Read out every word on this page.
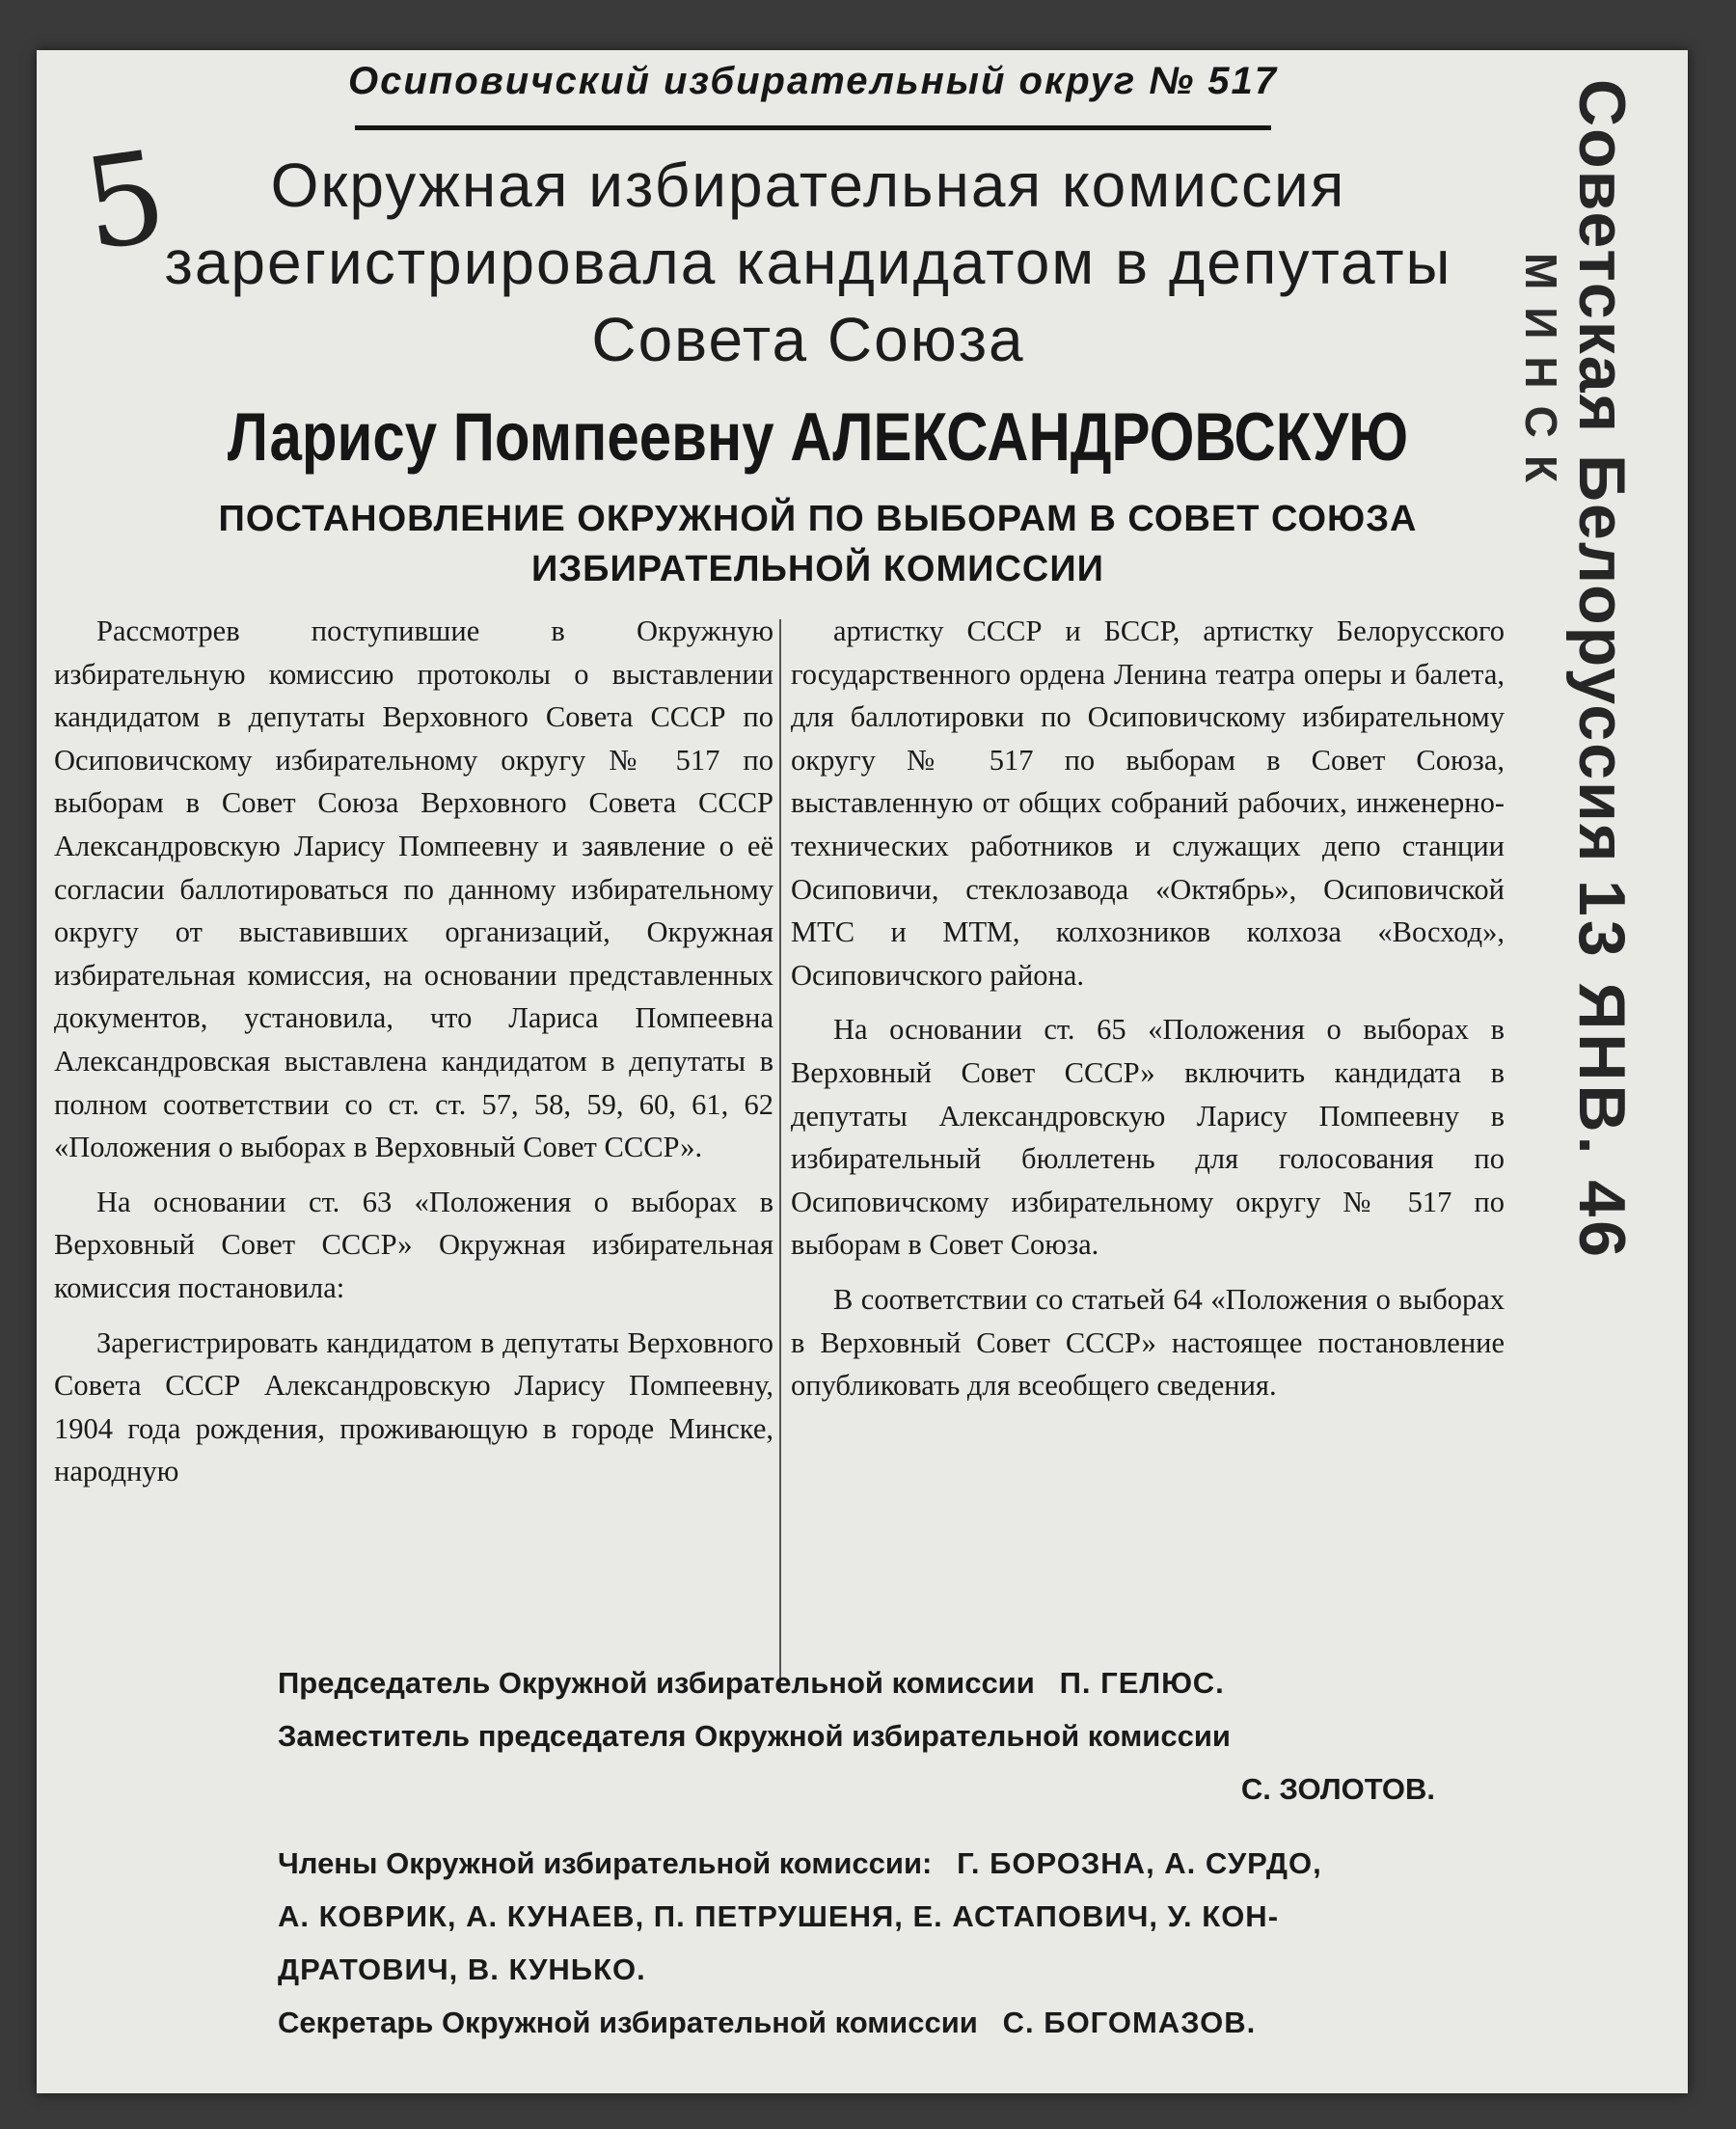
5
Осиповичский избирательный округ № 517
Окружная избирательная комиссия
зарегистрировала кандидатом в депутаты
Совета Союза
Ларису Помпеевну АЛЕКСАНДРОВСКУЮ
ПОСТАНОВЛЕНИЕ ОКРУЖНОЙ ПО ВЫБОРАМ В СОВЕТ СОЮЗА
ИЗБИРАТЕЛЬНОЙ КОМИССИИ

Рассмотрев поступившие в Окружную избирательную комиссию протоколы о выставлении кандидатом в депутаты Верховного Совета СССР по Осиповичскому избирательному округу № 517 по выборам в Совет Союза Верховного Совета СССР Александровскую Ларису Помпеевну и заявление о её согласии баллотироваться по данному избирательному округу от выставивших организаций, Окружная избирательная комиссия, на основании представленных документов, установила, что Лариса Помпеевна Александровская выставлена кандидатом в депутаты в полном соответствии со ст. ст. 57, 58, 59, 60, 61, 62 «Положения о выборах в Верховный Совет СССР».

На основании ст. 63 «Положения о выборах в Верховный Совет СССР» Окружная избирательная комиссия постановила:

Зарегистрировать кандидатом в депутаты Верховного Совета СССР Александровскую Ларису Помпеевну, 1904 года рождения, проживающую в городе Минске, народную

артистку СССР и БССР, артистку Белорусского государственного ордена Ленина театра оперы и балета, для баллотировки по Осиповичскому избирательному округу № 517 по выборам в Совет Союза, выставленную от общих собраний рабочих, инженерно-технических работников и служащих депо станции Осиповичи, стеклозавода «Октябрь», Осиповичской МТС и МТМ, колхозников колхоза «Восход», Осиповичского района.

На основании ст. 65 «Положения о выборах в Верховный Совет СССР» включить кандидата в депутаты Александровскую Ларису Помпеевну в избирательный бюллетень для голосования по Осиповичскому избирательному округу № 517 по выборам в Совет Союза.

В соответствии со статьей 64 «Положения о выборах в Верховный Совет СССР» настоящее постановление опубликовать для всеобщего сведения.

Председатель Окружной избирательной комиссии П. ГЕЛЮС.
Заместитель председателя Окружной избирательной комиссии
С. ЗОЛОТОВ.
Члены Окружной избирательной комиссии: Г. БОРОЗНА, А. СУРДО,
А. КОВРИК, А. КУНАЕВ, П. ПЕТРУШЕНЯ, Е. АСТАПОВИЧ, У. КОН-
ДРАТОВИЧ, В. КУНЬКО.
Секретарь Окружной избирательной комиссии С. БОГОМАЗОВ.
Советская Белоруссия
МИНСК
13 ЯНВ. 46
